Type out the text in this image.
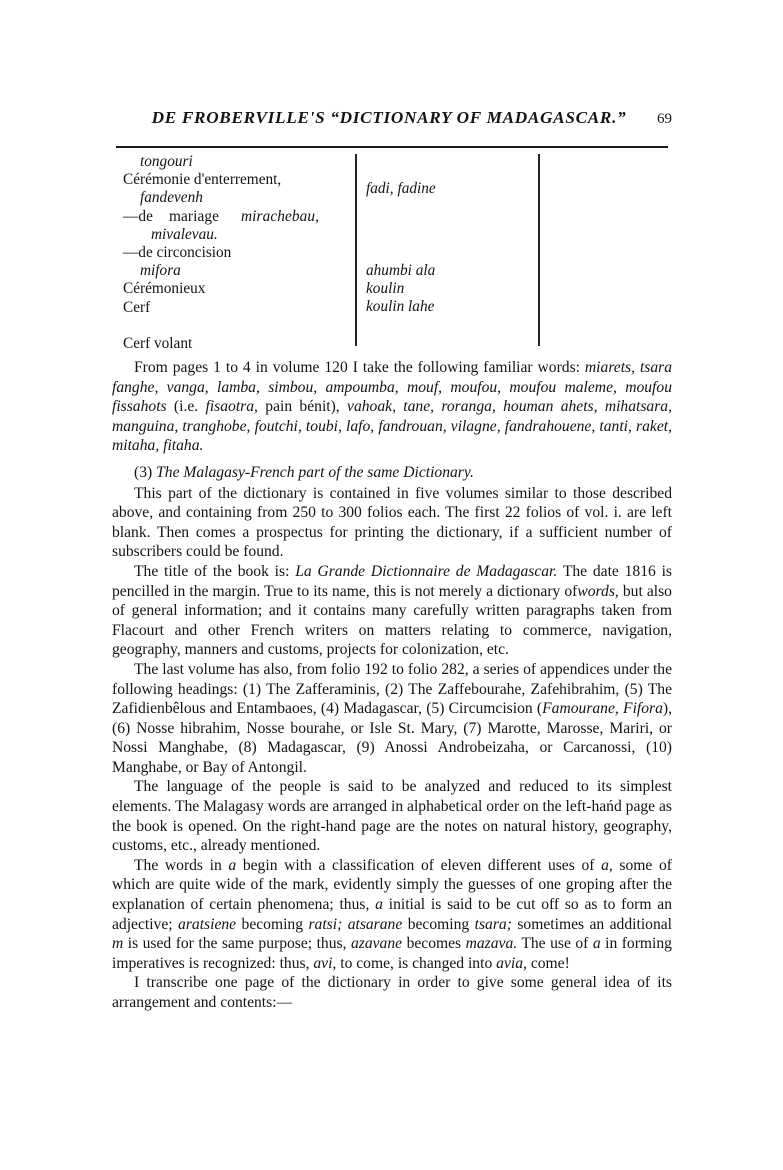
DE FROBERVILLE'S “DICTIONARY OF MADAGASCAR.”	69
tongouri
Cérémonie d'enterrement,
fandevenh
—de mariage mirachebau,
mivalevau.
—de circoncision
mifora
Cérémonieux
Cerf
Cerf volant
fadi, fadine
ahumbi ala
koulin
koulin lahe

From pages 1 to 4 in volume 120 I take the following familiar words: miarets, tsara fanghe, vanga, lamba, simbou, ampoumba, mouf, moufou, moufou maleme, moufou fissahots (i.e. fisaotra, pain bénit), vahoak, tane, roranga, houman ahets, mihatsara, manguina, tranghobe, foutchi, toubi, lafo, fandrouan, vilagne, fandrahouene, tanti, raket, mitaha, fitaha.

(3) The Malagasy-French part of the same Dictionary.

This part of the dictionary is contained in five volumes similar to those described above, and containing from 250 to 300 folios each. The first 22 folios of vol. i. are left blank. Then comes a prospectus for printing the dictionary, if a sufficient number of subscribers could be found.

The title of the book is: La Grande Dictionnaire de Madagascar. The date 1816 is pencilled in the margin. True to its name, this is not merely a dictionary ofwords, but also of general information; and it contains many carefully written paragraphs taken from Flacourt and other French writers on matters relating to commerce, navigation, geography, manners and customs, projects for colonization, etc.

The last volume has also, from folio 192 to folio 282, a series of appendices under the following headings: (1) The Zafferaminis, (2) The Zaffebourahe, Zafehibrahim, (5) The Zafidienbêlous and Entambaoes, (4) Madagascar, (5) Circumcision (Famourane, Fifora), (6) Nosse hibrahim, Nosse bourahe, or Isle St. Mary, (7) Marotte, Marosse, Mariri, or Nossi Manghabe, (8) Madagascar, (9) Anossi Androbeizaha, or Carcanossi, (10) Manghabe, or Bay of Antongil.

The language of the people is said to be analyzed and reduced to its simplest elements. The Malagasy words are arranged in alphabetical order on the left-hańd page as the book is opened. On the right-hand page are the notes on natural history, geography, customs, etc., already mentioned.

The words in a begin with a classification of eleven different uses of a, some of which are quite wide of the mark, evidently simply the guesses of one groping after the explanation of certain phenomena; thus, a initial is said to be cut off so as to form an adjective; aratsiene becoming ratsi; atsarane becoming tsara; sometimes an additional m is used for the same purpose; thus, azavane becomes mazava. The use of a in forming imperatives is recognized: thus, avi, to come, is changed into avia, come!

I transcribe one page of the dictionary in order to give some general idea of its arrangement and contents:—
